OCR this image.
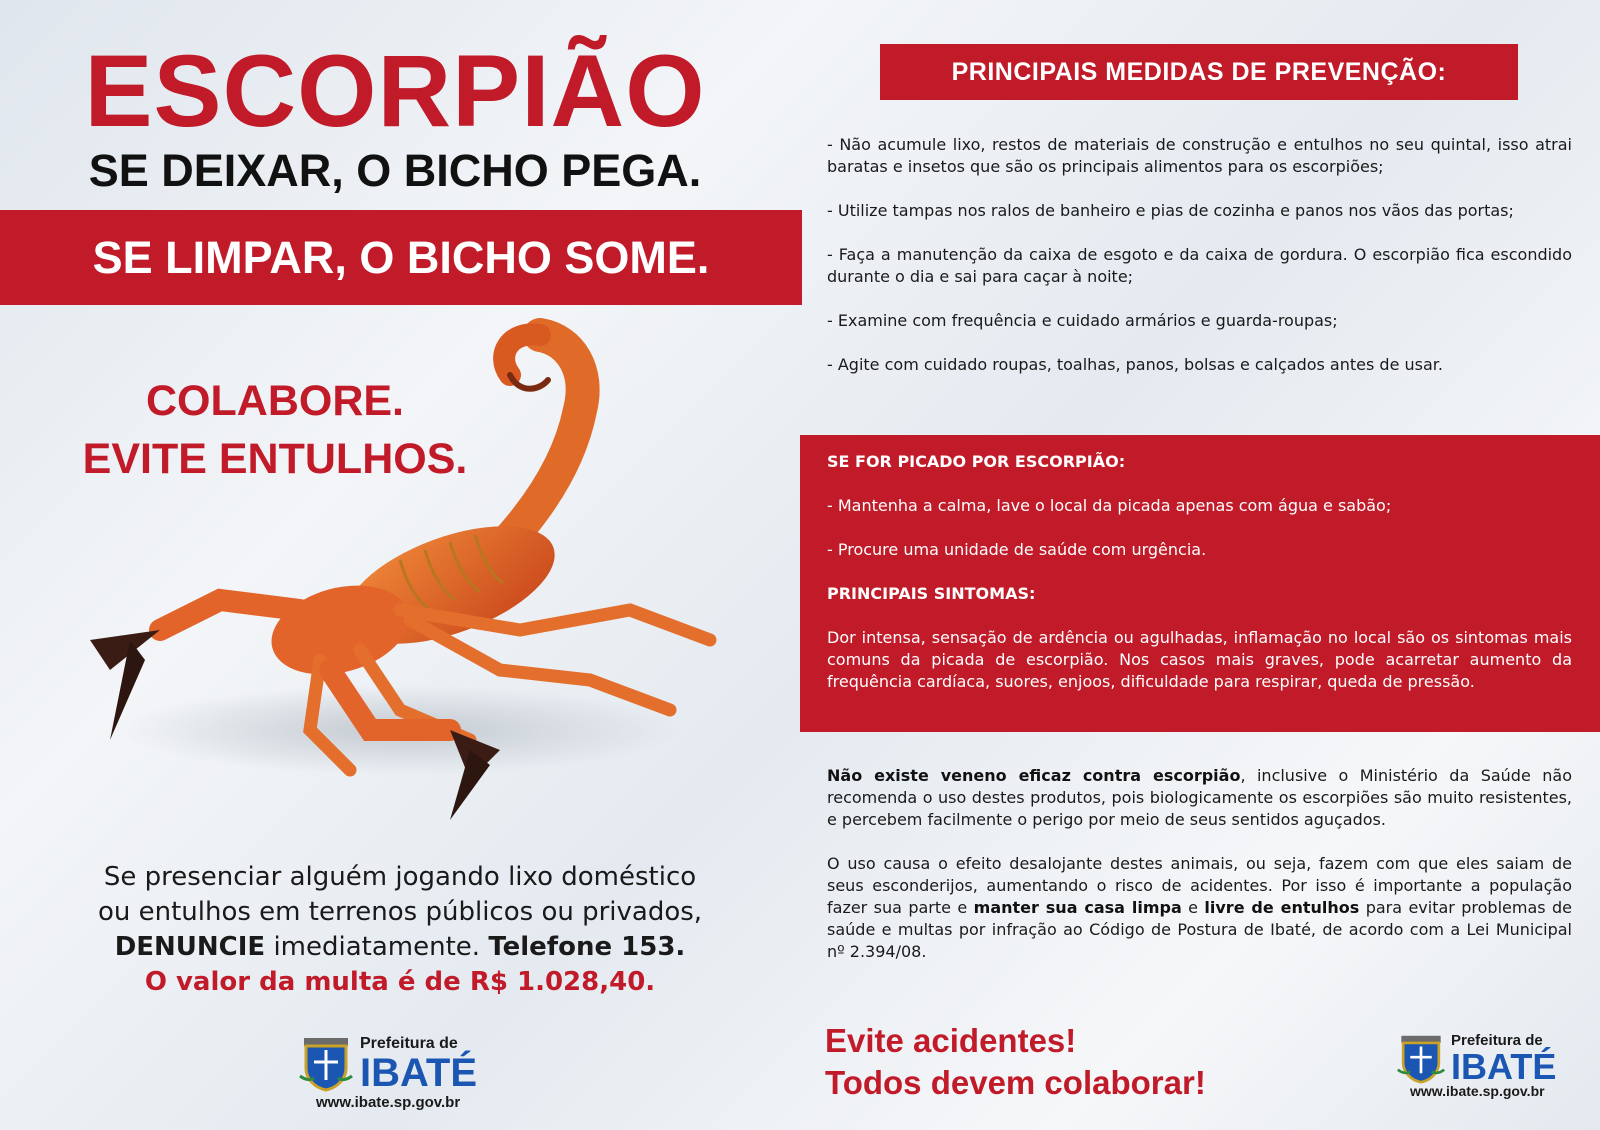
ESCORPIÃO
SE DEIXAR, O BICHO PEGA.
SE LIMPAR, O BICHO SOME.
COLABORE.
EVITE ENTULHOS.
Se presenciar alguém jogando lixo doméstico
ou entulhos em terrenos públicos ou privados,
DENUNCIE imediatamente. Telefone 153.
O valor da multa é de R$ 1.028,40.
Prefeitura de
IBATÉ
www.ibate.sp.gov.br
PRINCIPAIS MEDIDAS DE PREVENÇÃO:

- Não acumule lixo, restos de materiais de construção e entulhos no seu quintal, isso atrai baratas e insetos que são os principais alimentos para os escorpiões;

- Utilize tampas nos ralos de banheiro e pias de cozinha e panos nos vãos das portas;

- Faça a manutenção da caixa de esgoto e da caixa de gordura. O escorpião fica escondido durante o dia e sai para caçar à noite;

- Examine com frequência e cuidado armários e guarda-roupas;

- Agite com cuidado roupas, toalhas, panos, bolsas e calçados antes de usar.

SE FOR PICADO POR ESCORPIÃO:

- Mantenha a calma, lave o local da picada apenas com água e sabão;

- Procure uma unidade de saúde com urgência.

PRINCIPAIS SINTOMAS:

Dor intensa, sensação de ardência ou agulhadas, inflamação no local são os sintomas mais comuns da picada de escorpião. Nos casos mais graves, pode acarretar aumento da frequência cardíaca, suores, enjoos, dificuldade para respirar, queda de pressão.

Não existe veneno eficaz contra escorpião, inclusive o Ministério da Saúde não recomenda o uso destes produtos, pois biologicamente os escorpiões são muito resistentes, e percebem facilmente o perigo por meio de seus sentidos aguçados.

O uso causa o efeito desalojante destes animais, ou seja, fazem com que eles saiam de seus esconderijos, aumentando o risco de acidentes. Por isso é importante a população fazer sua parte e manter sua casa limpa e livre de entulhos para evitar problemas de saúde e multas por infração ao Código de Postura de Ibaté, de acordo com a Lei Municipal nº 2.394/08.

Evite acidentes!
Todos devem colaborar!
Prefeitura de
IBATÉ
www.ibate.sp.gov.br
